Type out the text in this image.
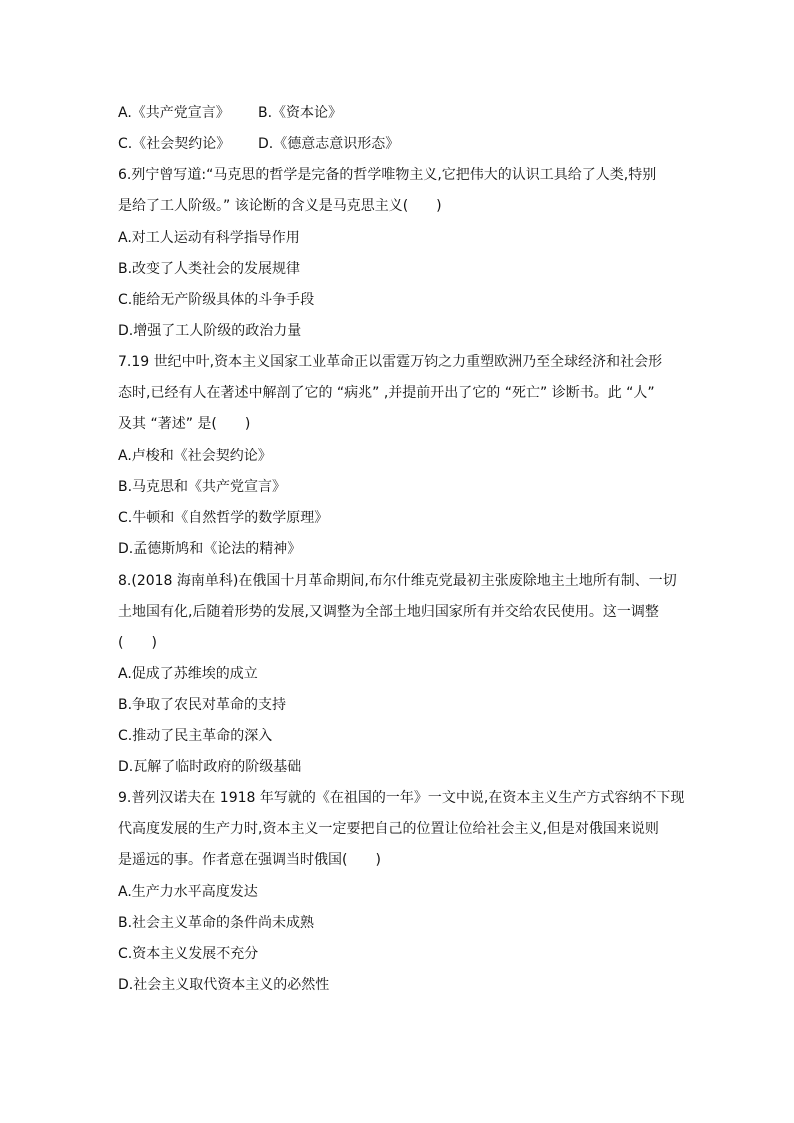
A.《共产党宣言》 B.《资本论》
C.《社会契约论》 D.《德意志意识形态》
6.列宁曾写道:“马克思的哲学是完备的哲学唯物主义,它把伟大的认识工具给了人类,特别
是给了工人阶级。” 该论断的含义是马克思主义(　　)
A.对工人运动有科学指导作用
B.改变了人类社会的发展规律
C.能给无产阶级具体的斗争手段
D.增强了工人阶级的政治力量
7.19 世纪中叶,资本主义国家工业革命正以雷霆万钧之力重塑欧洲乃至全球经济和社会形
态时,已经有人在著述中解剖了它的 “病兆” ,并提前开出了它的 “死亡” 诊断书。此 “人”
及其 “著述” 是(　　)
A.卢梭和《社会契约论》
B.马克思和《共产党宣言》
C.牛顿和《自然哲学的数学原理》
D.孟德斯鸠和《论法的精神》
8.(2018 海南单科)在俄国十月革命期间,布尔什维克党最初主张废除地主土地所有制、一切
土地国有化,后随着形势的发展,又调整为全部土地归国家所有并交给农民使用。这一调整
(　　)
A.促成了苏维埃的成立
B.争取了农民对革命的支持
C.推动了民主革命的深入
D.瓦解了临时政府的阶级基础
9.普列汉诺夫在 1918 年写就的《在祖国的一年》一文中说,在资本主义生产方式容纳不下现
代高度发展的生产力时,资本主义一定要把自己的位置让位给社会主义,但是对俄国来说则
是遥远的事。作者意在强调当时俄国(　　)
A.生产力水平高度发达
B.社会主义革命的条件尚未成熟
C.资本主义发展不充分
D.社会主义取代资本主义的必然性
